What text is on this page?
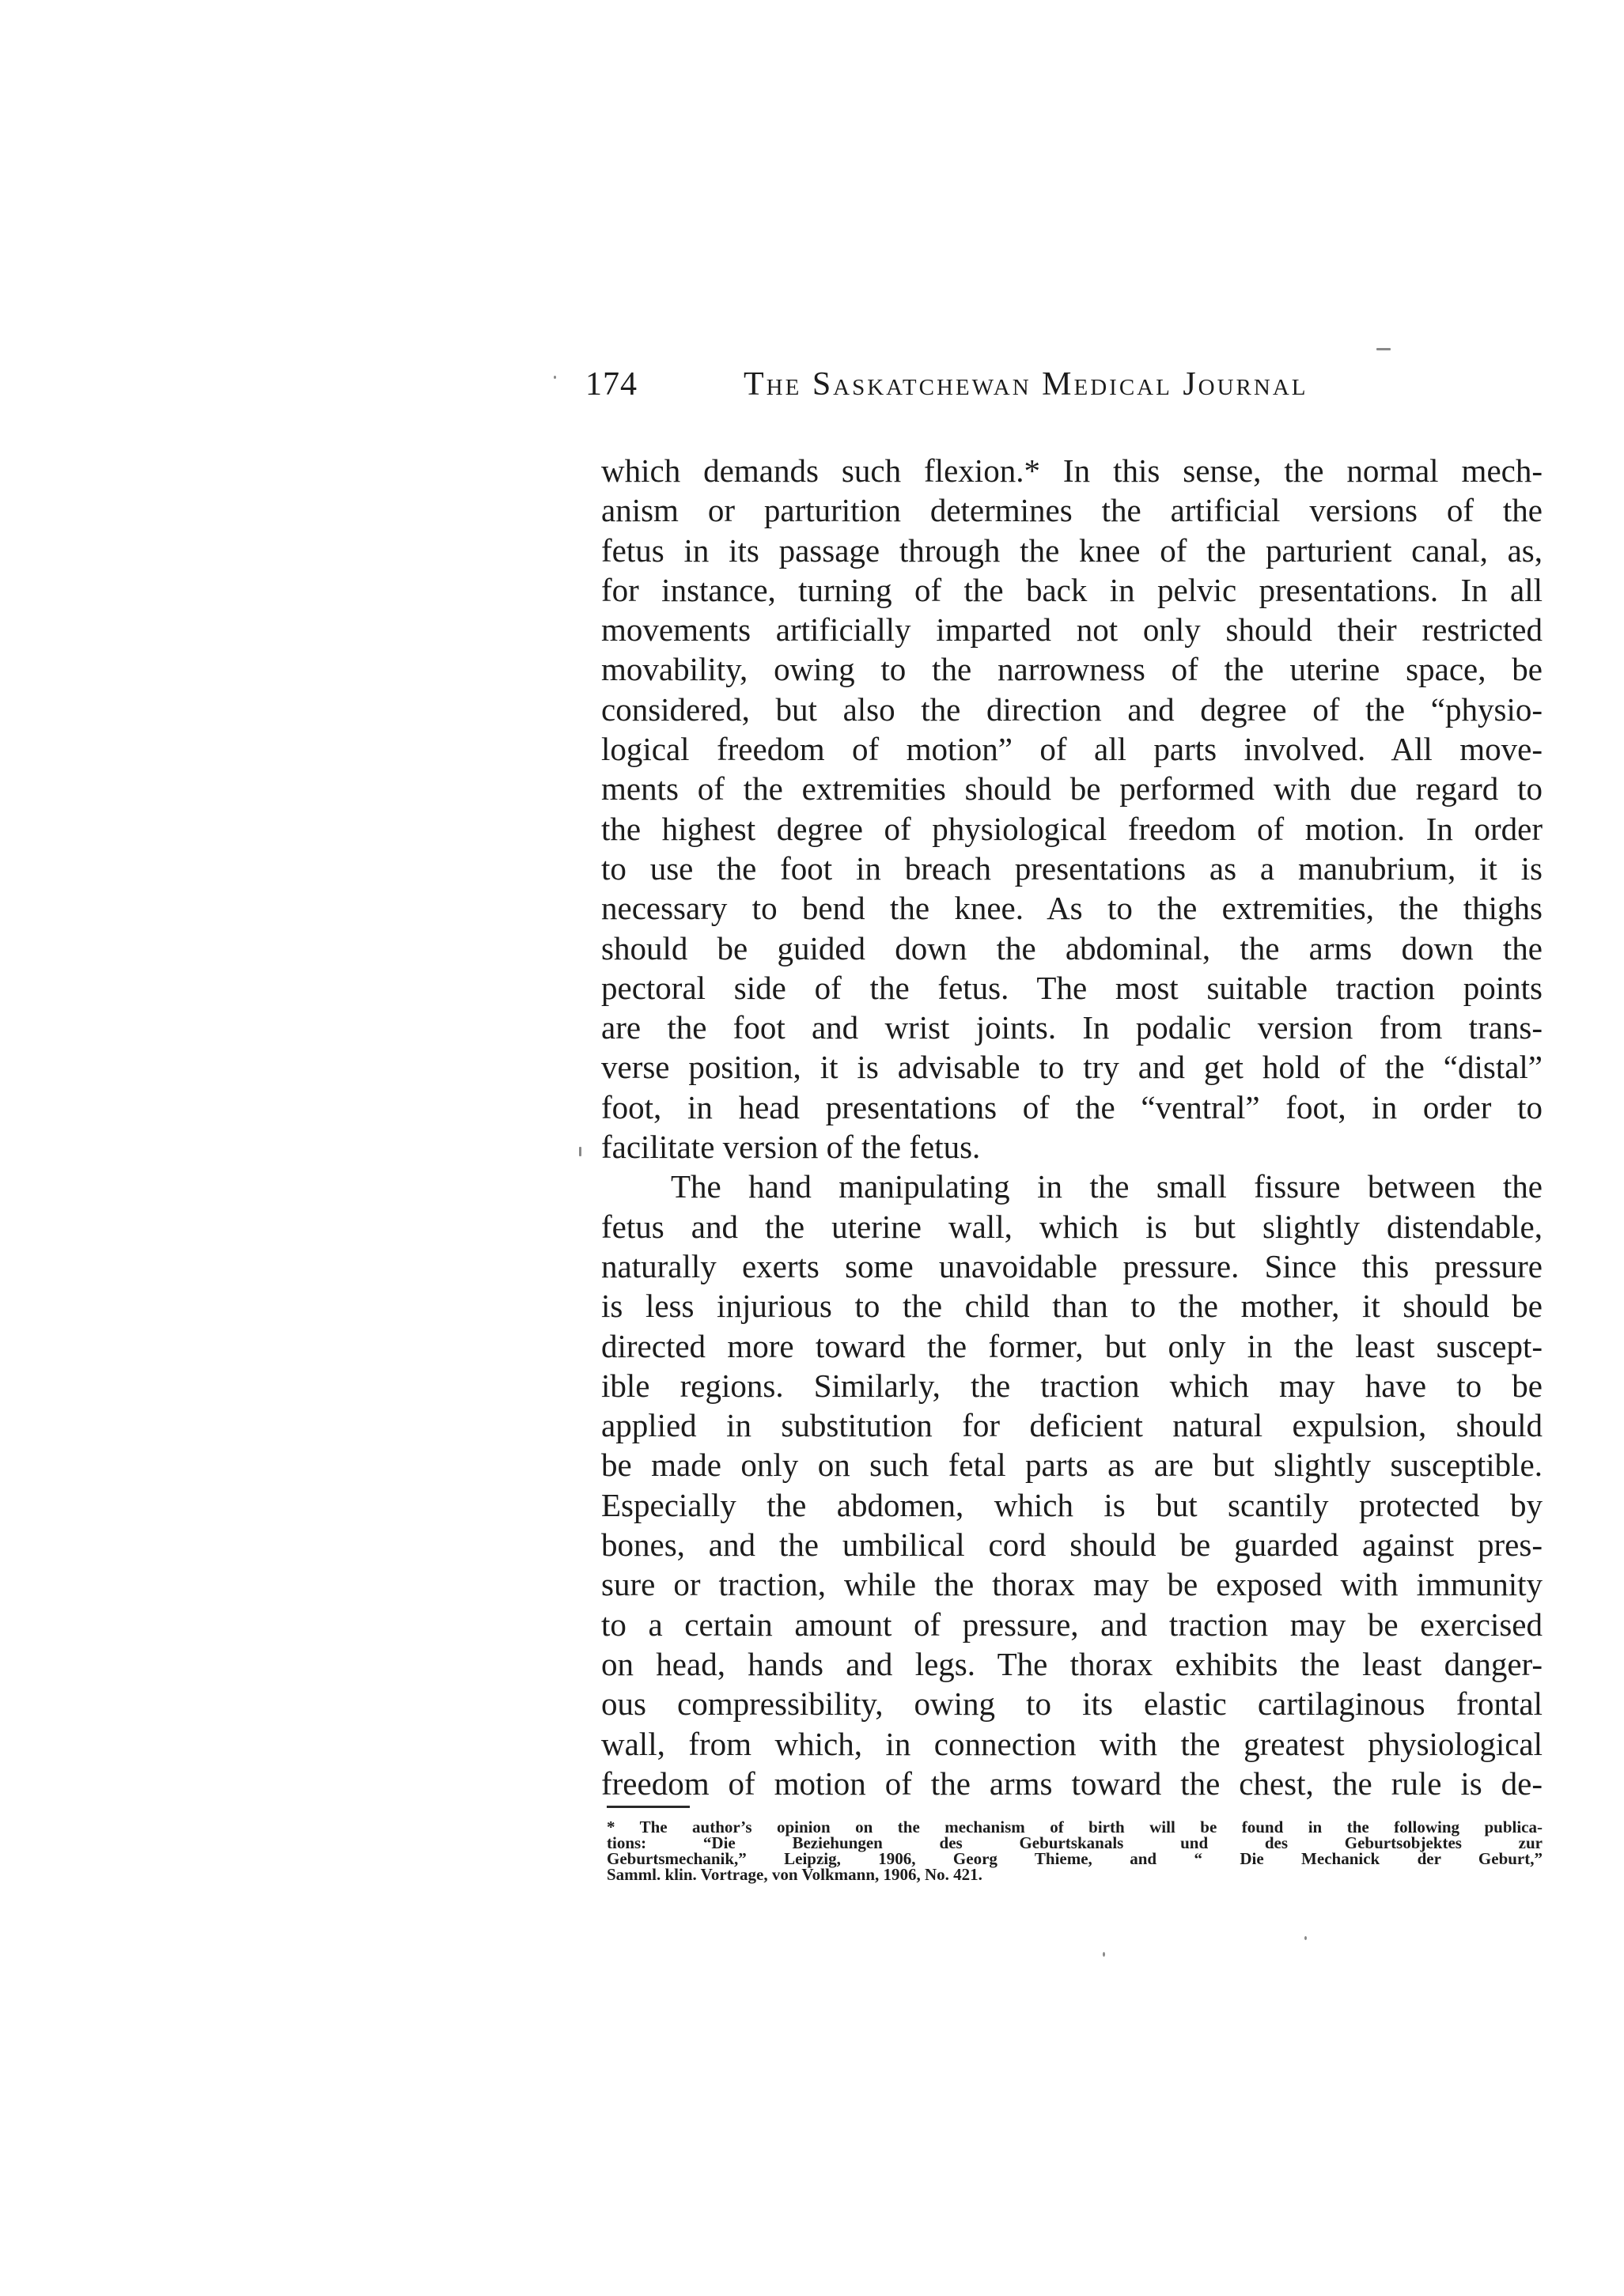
174	The Saskatchewan Medical Journal
which demands such flexion.* In this sense, the normal mech-
anism or parturition determines the artificial versions of the
fetus in its passage through the knee of the parturient canal, as,
for instance, turning of the back in pelvic presentations. In all
movements artificially imparted not only should their restricted
movability, owing to the narrowness of the uterine space, be
considered, but also the direction and degree of the “physio-
logical freedom of motion” of all parts involved. All move-
ments of the extremities should be performed with due regard to
the highest degree of physiological freedom of motion. In order
to use the foot in breach presentations as a manubrium, it is
necessary to bend the knee. As to the extremities, the thighs
should be guided down the abdominal, the arms down the
pectoral side of the fetus. The most suitable traction points
are the foot and wrist joints. In podalic version from trans-
verse position, it is advisable to try and get hold of the “distal”
foot, in head presentations of the “ventral” foot, in order to
facilitate version of the fetus.
The hand manipulating in the small fissure between the
fetus and the uterine wall, which is but slightly distendable,
naturally exerts some unavoidable pressure. Since this pressure
is less injurious to the child than to the mother, it should be
directed more toward the former, but only in the least suscept-
ible regions. Similarly, the traction which may have to be
applied in substitution for deficient natural expulsion, should
be made only on such fetal parts as are but slightly susceptible.
Especially the abdomen, which is but scantily protected by
bones, and the umbilical cord should be guarded against pres-
sure or traction, while the thorax may be exposed with immunity
to a certain amount of pressure, and traction may be exercised
on head, hands and legs. The thorax exhibits the least danger-
ous compressibility, owing to its elastic cartilaginous frontal
wall, from which, in connection with the greatest physiological
freedom of motion of the arms toward the chest, the rule is de-
* The author’s opinion on the mechanism of birth will be found in the following publica-
tions: “Die Beziehungen des Geburtskanals und des Geburtsobjektes zur
Geburtsmechanik,” Leipzig, 1906, Georg Thieme, and “ Die Mechanick der Geburt,”
Samml. klin. Vortrage, von Volkmann, 1906, No. 421.
